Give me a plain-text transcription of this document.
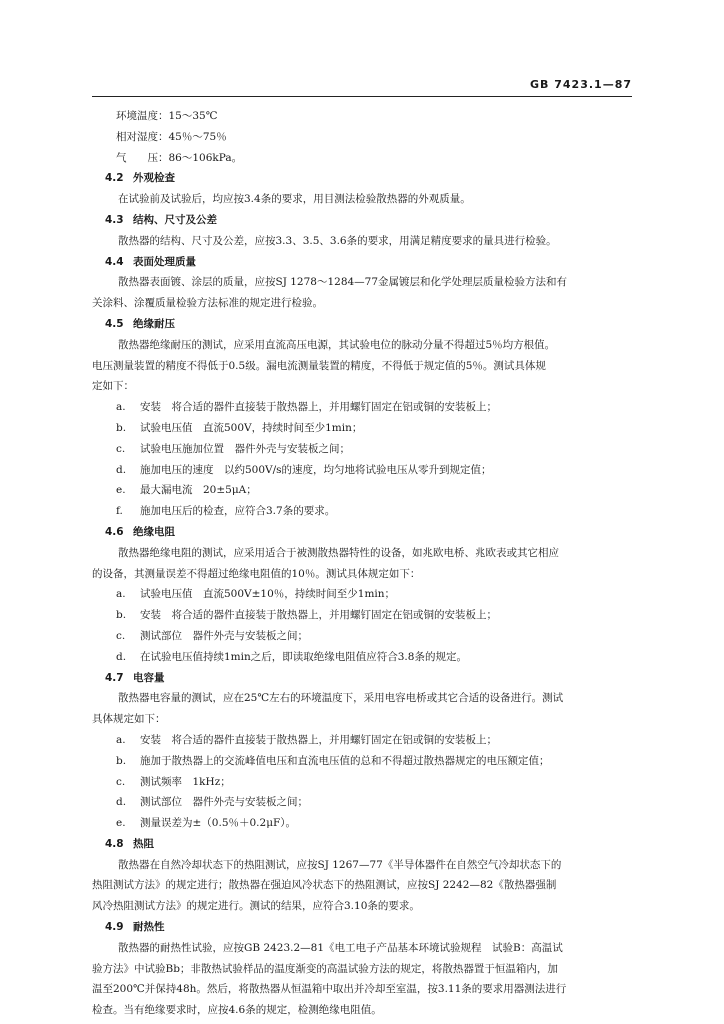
GB 7423.1—87
环境温度：15～35℃
相对湿度：45％～75％
气　　压：86～106kPa。
4.2 外观检查
在试验前及试验后，均应按3.4条的要求，用目测法检验散热器的外观质量。
4.3 结构、尺寸及公差
散热器的结构、尺寸及公差，应按3.3、3.5、3.6条的要求，用满足精度要求的量具进行检验。
4.4 表面处理质量
散热器表面镀、涂层的质量，应按SJ 1278～1284—77金属镀层和化学处理层质量检验方法和有
关涂料、涂覆质量检验方法标准的规定进行检验。
4.5 绝缘耐压
散热器绝缘耐压的测试，应采用直流高压电源，其试验电位的脉动分量不得超过5％均方根值。
电压测量装置的精度不得低于0.5级。漏电流测量装置的精度，不得低于规定值的5％。测试具体规
定如下：
a. 安装　将合适的器件直接装于散热器上，并用螺钉固定在铝或铜的安装板上；
b. 试验电压值　直流500V，持续时间至少1min；
c. 试验电压施加位置　器件外壳与安装板之间；
d. 施加电压的速度　以约500V/s的速度，均匀地将试验电压从零升到规定值；
e. 最大漏电流　20±5μA；
f. 施加电压后的检查，应符合3.7条的要求。
4.6 绝缘电阻
散热器绝缘电阻的测试，应采用适合于被测散热器特性的设备，如兆欧电桥、兆欧表或其它相应
的设备，其测量误差不得超过绝缘电阻值的10％。测试具体规定如下：
a. 试验电压值　直流500V±10％，持续时间至少1min；
b. 安装　将合适的器件直接装于散热器上，并用螺钉固定在铝或铜的安装板上；
c. 测试部位　器件外壳与安装板之间；
d. 在试验电压值持续1min之后，即读取绝缘电阻值应符合3.8条的规定。
4.7 电容量
散热器电容量的测试，应在25℃左右的环境温度下，采用电容电桥或其它合适的设备进行。测试
具体规定如下：
a. 安装　将合适的器件直接装于散热器上，并用螺钉固定在铝或铜的安装板上；
b. 施加于散热器上的交流峰值电压和直流电压值的总和不得超过散热器规定的电压额定值；
c. 测试频率　1kHz；
d. 测试部位　器件外壳与安装板之间；
e. 测量误差为±（0.5％＋0.2μF）。
4.8 热阻
散热器在自然冷却状态下的热阻测试，应按SJ 1267—77《半导体器件在自然空气冷却状态下的
热阻测试方法》的规定进行；散热器在强迫风冷状态下的热阻测试，应按SJ 2242—82《散热器强制
风冷热阻测试方法》的规定进行。测试的结果，应符合3.10条的要求。
4.9 耐热性
散热器的耐热性试验，应按GB 2423.2—81《电工电子产品基本环境试验规程　试验B：高温试
验方法》中试验Bb；非散热试验样品的温度渐变的高温试验方法的规定，将散热器置于恒温箱内，加
温至200℃并保持48h。然后，将散热器从恒温箱中取出并冷却至室温，按3.11条的要求用器测法进行
检查。当有绝缘要求时，应按4.6条的规定，检测绝缘电阻值。
